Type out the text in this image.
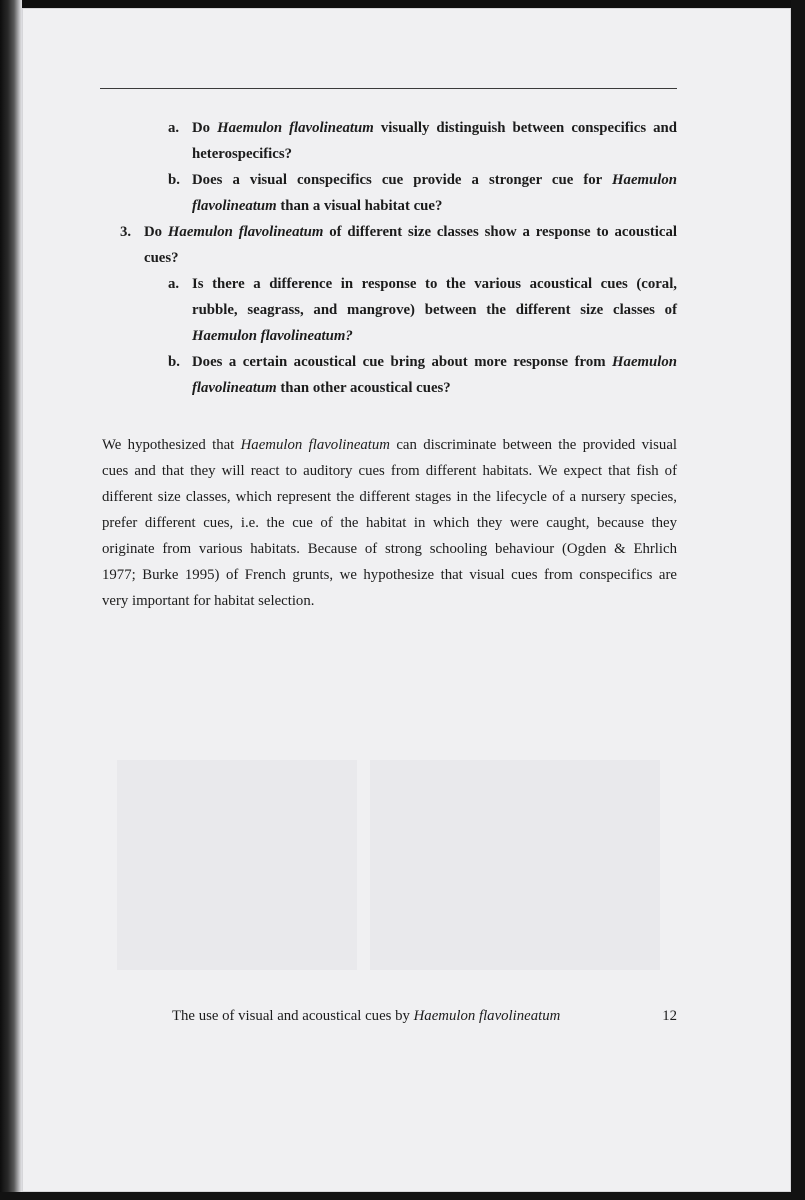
a. Do Haemulon flavolineatum visually distinguish between conspecifics and
heterospecifics?
b. Does a visual conspecifics cue provide a stronger cue for Haemulon
flavolineatum than a visual habitat cue?
3. Do Haemulon flavolineatum of different size classes show a response to acoustical
cues?
a. Is there a difference in response to the various acoustical cues (coral,
rubble, seagrass, and mangrove) between the different size classes of
Haemulon flavolineatum?
b. Does a certain acoustical cue bring about more response from Haemulon
flavolineatum than other acoustical cues?
We hypothesized that Haemulon flavolineatum can discriminate between the provided visual
cues and that they will react to auditory cues from different habitats. We expect that fish of
different size classes, which represent the different stages in the lifecycle of a nursery species,
prefer different cues, i.e. the cue of the habitat in which they were caught, because they
originate from various habitats. Because of strong schooling behaviour (Ogden & Ehrlich
1977; Burke 1995) of French grunts, we hypothesize that visual cues from conspecifics are
very important for habitat selection.
The use of visual and acoustical cues by Haemulon flavolineatum	12
